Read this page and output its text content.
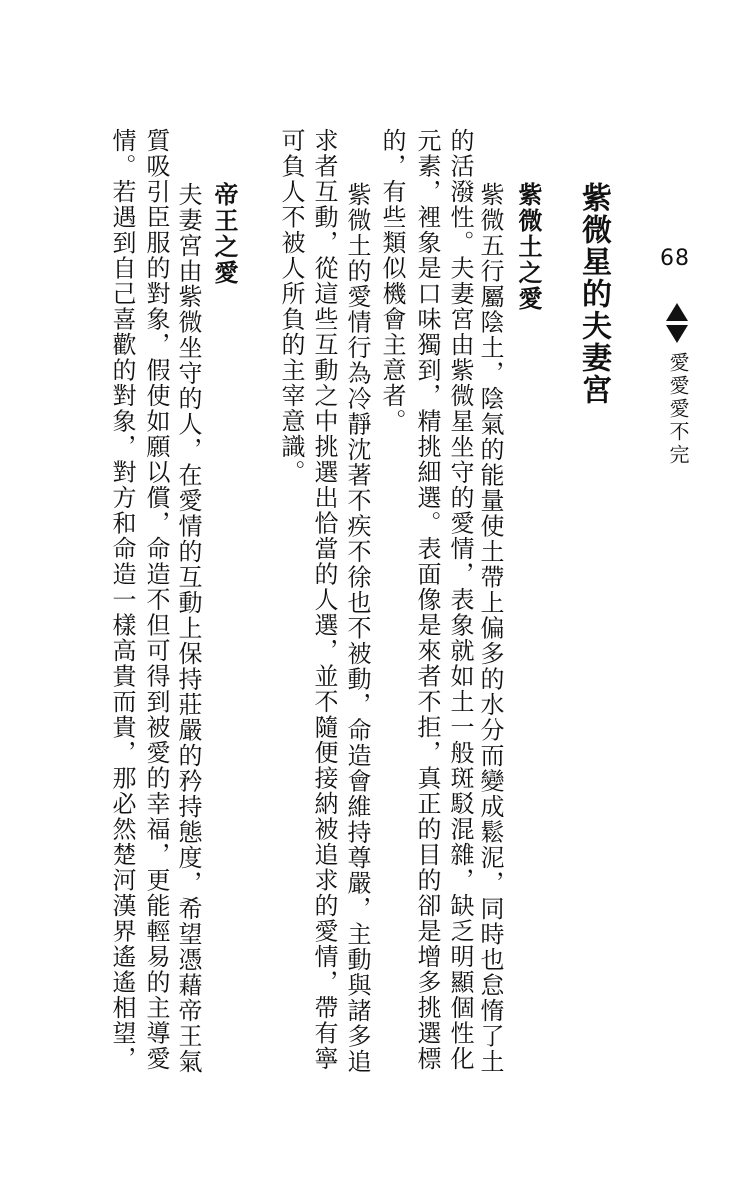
68
愛愛愛不完
紫微星的夫妻宮
紫微土之愛
紫微五行屬陰土，陰氣的能量使土帶上偏多的水分而變成鬆泥，同時也怠惰了土
的活潑性。夫妻宮由紫微星坐守的愛情，表象就如土一般斑駁混雜，缺乏明顯個性化
元素，裡象是口味獨到，精挑細選。表面像是來者不拒，真正的目的卻是增多挑選標
的，有些類似機會主意者。
紫微土的愛情行為冷靜沈著不疾不徐也不被動，命造會維持尊嚴，主動與諸多追
求者互動，從這些互動之中挑選出恰當的人選，並不隨便接納被追求的愛情，帶有寧
可負人不被人所負的主宰意識。
帝王之愛
夫妻宮由紫微坐守的人，在愛情的互動上保持莊嚴的矜持態度，希望憑藉帝王氣
質吸引臣服的對象，假使如願以償，命造不但可得到被愛的幸福，更能輕易的主導愛
情。若遇到自己喜歡的對象，對方和命造一樣高貴而貴，那必然楚河漢界遙遙相望，
